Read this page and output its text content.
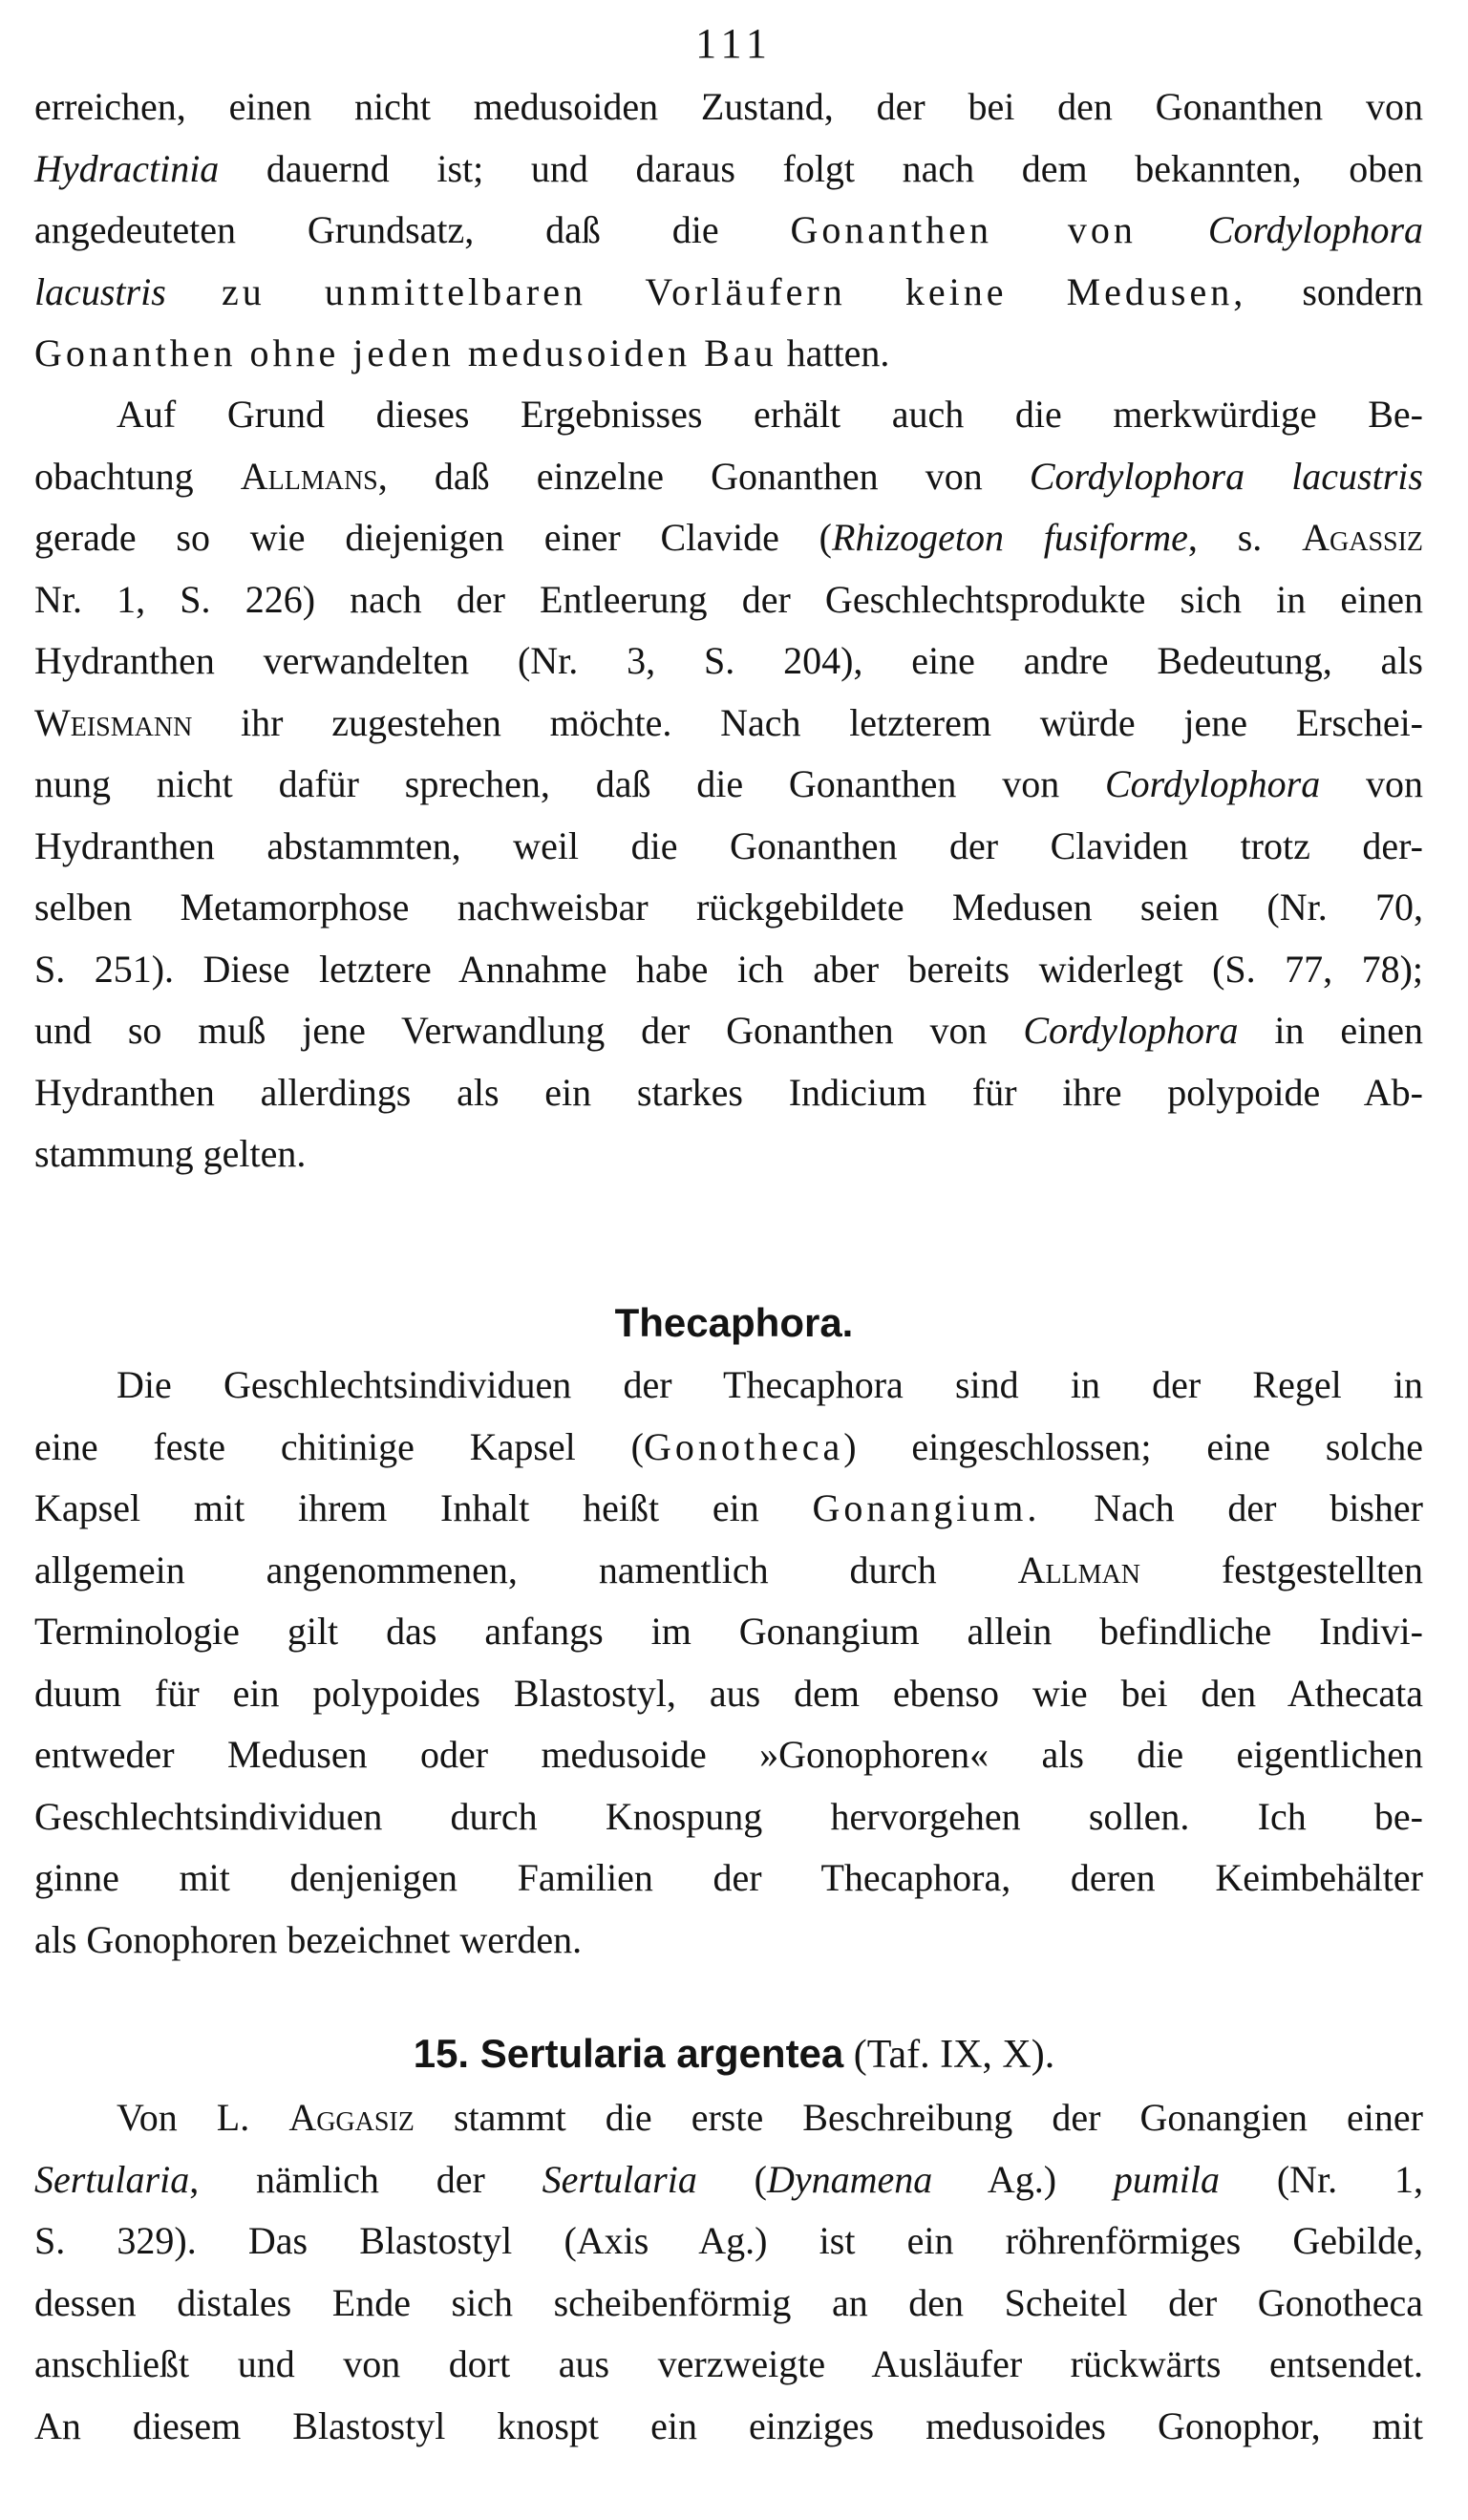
111
erreichen, einen nicht medusoiden Zustand, der bei den Gonanthen von
Hydractinia dauernd ist; und daraus folgt nach dem bekannten, oben
angedeuteten Grundsatz, daß die Gonanthen von Cordylophora
lacustris zu unmittelbaren Vorläufern keine Medusen, sondern
Gonanthen ohne jeden medusoiden Bau hatten.
Auf Grund dieses Ergebnisses erhält auch die merkwürdige Be-
obachtung Allmans, daß einzelne Gonanthen von Cordylophora lacustris
gerade so wie diejenigen einer Clavide (Rhizogeton fusiforme, s. Agassiz
Nr. 1, S. 226) nach der Entleerung der Geschlechtsprodukte sich in einen
Hydranthen verwandelten (Nr. 3, S. 204), eine andre Bedeutung, als
Weismann ihr zugestehen möchte. Nach letzterem würde jene Erschei-
nung nicht dafür sprechen, daß die Gonanthen von Cordylophora von
Hydranthen abstammten, weil die Gonanthen der Claviden trotz der-
selben Metamorphose nachweisbar rückgebildete Medusen seien (Nr. 70,
S. 251). Diese letztere Annahme habe ich aber bereits widerlegt (S. 77, 78);
und so muß jene Verwandlung der Gonanthen von Cordylophora in einen
Hydranthen allerdings als ein starkes Indicium für ihre polypoide Ab-
stammung gelten.
Thecaphora.
Die Geschlechtsindividuen der Thecaphora sind in der Regel in
eine feste chitinige Kapsel (Gonotheca) eingeschlossen; eine solche
Kapsel mit ihrem Inhalt heißt ein Gonangium. Nach der bisher
allgemein angenommenen, namentlich durch Allman festgestellten
Terminologie gilt das anfangs im Gonangium allein befindliche Indivi-
duum für ein polypoides Blastostyl, aus dem ebenso wie bei den Athecata
entweder Medusen oder medusoide »Gonophoren« als die eigentlichen
Geschlechtsindividuen durch Knospung hervorgehen sollen. Ich be-
ginne mit denjenigen Familien der Thecaphora, deren Keimbehälter
als Gonophoren bezeichnet werden.
15. Sertularia argentea (Taf. IX, X).
Von L. Aggasiz stammt die erste Beschreibung der Gonangien einer
Sertularia, nämlich der Sertularia (Dynamena Ag.) pumila (Nr. 1,
S. 329). Das Blastostyl (Axis Ag.) ist ein röhrenförmiges Gebilde,
dessen distales Ende sich scheibenförmig an den Scheitel der Gonotheca
anschließt und von dort aus verzweigte Ausläufer rückwärts entsendet.
An diesem Blastostyl knospt ein einziges medusoides Gonophor, mit
